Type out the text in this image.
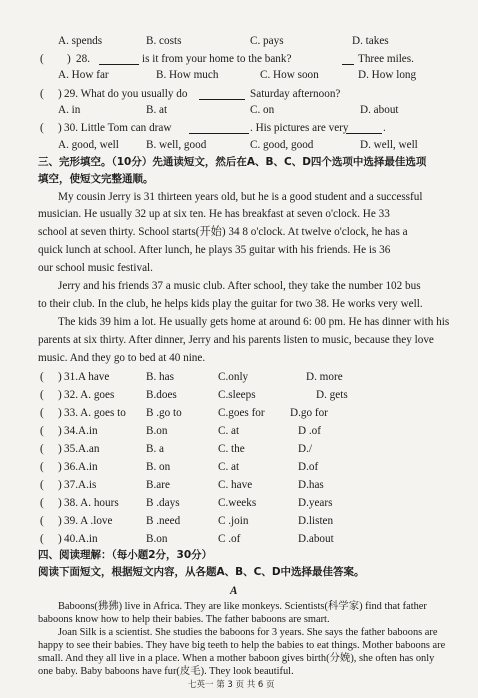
A. spends	B. costs	C. pays	D. takes
( ) 28.	is it from your home to the bank?	Three miles.
A. How far	B. How much	C. How soon	D. How long
( ) 29. What do you usually do	Saturday afternoon?
A. in	B. at	C. on	D. about
( ) 30. Little Tom can draw	. His pictures are very	.
A. good, well B. well, good	C. good, good	D. well, well
三、完形填空。（10分）先通读短文，然后在A、B、C、D四个选项中选择最佳选项
填空，使短文完整通顺。
My cousin Jerry is 31 thirteen years old, but he is a good student and a successful
musician. He usually 32 up at six ten. He has breakfast at seven o'clock. He 33
school at seven thirty. School starts(开始) 34 8 o'clock. At twelve o'clock, he has a
quick lunch at school. After lunch, he plays 35 guitar with his friends. He is 36
our school music festival.
Jerry and his friends 37 a music club. After school, they take the number 102 bus
to their club. In the club, he helps kids play the guitar for two 38. He works very well.
The kids 39 him a lot. He usually gets home at around 6: 00 pm. He has dinner with his
parents at six thirty. After dinner, Jerry and his parents listen to music, because they love
music. And they go to bed at 40 nine.
( ) 31.A have	B. has	C.only	D. more
( ) 32. A. goes	B.does	C.sleeps	D. gets
( ) 33. A. goes to B .go to	C.goes for D.go for
( ) 34.A.in	B.on	C. at	D .of
( ) 35.A.an	B. a	C. the	D./
( ) 36.A.in	B. on	C. at	D.of
( ) 37.A.is	B.are	C. have	D.has
( ) 38. A. hours B .days	C.weeks	D.years
( ) 39. A .love	B .need	C .join	D.listen
( ) 40.A.in	B.on	C .of	D.about
四、阅读理解：（每小题2分，30分）
阅读下面短文，根据短文内容，从各题A、B、C、D中选择最佳答案。
A
Baboons(狒狒) live in Africa. They are like monkeys. Scientists(科学家) find that father
baboons know how to help their babies. The father baboons are smart.
Joan Silk is a scientist. She studies the baboons for 3 years. She says the father baboons are
happy to see their babies. They have big teeth to help the babies to eat things. Mother baboons are
small. And they all live in a place. When a mother baboon gives birth(分娩), she often has only
one baby. Baby baboons have fur(皮毛). They look beautiful.
七英一 第 3 页 共 6 页
